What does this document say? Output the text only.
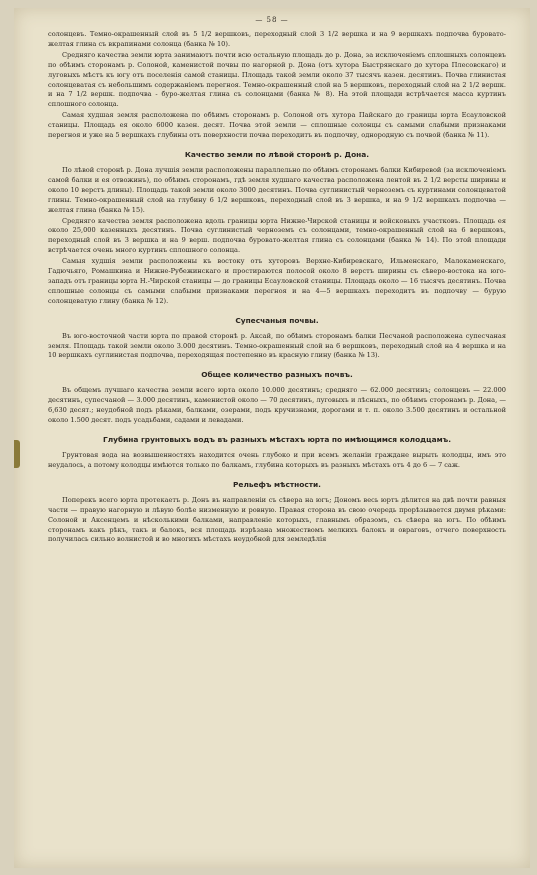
— 58 —

солонцевъ. Темно-окрашенный слой въ 5 1/2 вершковъ, переходный слой 3 1/2 вершка и на 9 вершкахъ подпочва буровато-желтая глина съ вкрапинами солонца (банка № 10).

Средняго качества земли юрта занимаютъ почти всю остальную площадь до р. Дона, за исключеніемъ сплошныхъ солонцевъ по обѣимъ сторонамъ р. Солоной, каменистой почвы по нагорной р. Дона (отъ хутора Быстрянскаго до хутора Плесовскаго) и луговыхъ мѣстъ къ югу отъ поселенія самой станицы. Площадь такой земли около 37 тысячъ казен. десятинъ. Почва глинистая солонцеватая съ небольшимъ содержаніемъ перегноя. Темно-окрашенный слой на 5 вершковъ, переходный слой на 2 1/2 вершк. и на 7 1/2 вершк. подпочва - буро-желтая глина съ солонцами (банка № 8). На этой площади встрѣчается масса куртинъ сплошного солонца.

Самая худшая земля расположена по обѣимъ сторонамъ р. Солоной отъ хутора Пайскаго до границы юрта Есауловской станицы. Площадь ея около 6000 казен. десят. Почва этой земли — сплошные солонцы съ самыми слабыми признаками перегноя и уже на 5 вершкахъ глубины отъ поверхности почва переходитъ въ подпочву, однородную съ почвой (банка № 11).

Качество земли по лѣвой сторонѣ р. Дона.

По лѣвой сторонѣ р. Дона лучшія земли расположены параллельно по обѣимъ сторонамъ балки Кибиревой (за исключеніемъ самой балки и ея отвожинъ), по обѣимъ сторонамъ, гдѣ земля худшаго качества расположена лентой въ 2 1/2 версты ширины и около 10 верстъ длины). Площадь такой земли около 3000 десятинъ. Почва суглинистый черноземъ съ куртинами солонцеватой глины. Темно-окрашенный слой на глубину 6 1/2 вершковъ, переходный слой въ 3 вершка, и на 9 1/2 вершкахъ подпочва — желтая глина (банка № 15).

Средняго качества земля расположена вдоль границы юрта Нижне-Чирской станицы и войсковыхъ участковъ. Площадь ея около 25,000 казенныхъ десятинъ. Почва суглинистый черноземъ съ солонцами, темно-окрашенный слой на 6 вершковъ, переходный слой въ 3 вершка и на 9 верш. подпочва буровато-желтая глина съ солонцами (банка № 14). По этой площади встрѣчается очень много куртинъ сплошного солонца.

Самыя худшія земли расположены къ востоку отъ хуторовъ Верхне-Кибиревскаго, Ильменскаго, Малокаменскаго, Гадючьяго, Ромашкина и Нижне-Рубежинскаго и простираются полосой около 8 верстъ ширины съ сѣверо-востока на юго-западъ отъ границы юрта Н.-Чирской станицы — до границы Есауловской станицы. Площадь около — 16 тысячъ десятинъ. Почва сплошные солонцы съ самыми слабыми признаками перегноя и на 4—5 вершкахъ переходитъ въ подпочву — бурую солонцеватую глину (банка № 12).

Супесчаныя почвы.

Въ юго-восточной части юрта по правой сторонѣ р. Аксай, по обѣимъ сторонамъ балки Песчаной расположена супесчаная земля. Площадь такой земли около 3.000 десятинъ. Темно-окрашенный слой на 6 вершковъ, переходный слой на 4 вершка и на 10 вершкахъ суглинистая подпочва, переходящая постепенно въ красную глину (банка № 13).

Общее количество разныхъ почвъ.

Въ общемъ лучшаго качества земли всего юрта около 10.000 десятинъ; средняго — 62.000 десятинъ; солонцевъ — 22.000 десятинъ, супесчаной — 3.000 десятинъ, каменистой около — 70 десятинъ, луговыхъ и лѣсныхъ, по обѣимъ сторонамъ р. Дона, — 6,630 десят.; неудобной подъ рѣками, балками, озерами, подъ кручизнами, дорогами и т. п. около 3.500 десятинъ и остальной около 1.500 десят. подъ усадьбами, садами и левадами.

Глубина грунтовыхъ водъ въ разныхъ мѣстахъ юрта по имѣющимся колодцамъ.

Грунтовая вода на возвышенностяхъ находится очень глубоко и при всемъ желаніи граждане вырыть колодцы, имъ это неудалось, а потому колодцы имѣются только по балкамъ, глубина которыхъ въ разныхъ мѣстахъ отъ 4 до 6 — 7 саж.

Рельефъ мѣстности.

Поперекъ всего юрта протекаетъ р. Донъ въ направленіи съ сѣвера на югъ; Дономъ весь юртъ дѣлится на двѣ почти равныя части — правую нагорную и лѣвую болѣе низменную и ровную. Правая сторона въ свою очередь прорѣзывается двумя рѣками: Солоной и Аксенцемъ и нѣсколькими балками, направленіе которыхъ, главнымъ образомъ, съ сѣвера на югъ. По обѣимъ сторонамъ какъ рѣкъ, такъ и балокъ, вся площадь изрѣзана множествомъ мелкихъ балокъ и овраговъ, отчего поверхность получилась сильно волнистой и во многихъ мѣстахъ неудобной для земледѣлія
